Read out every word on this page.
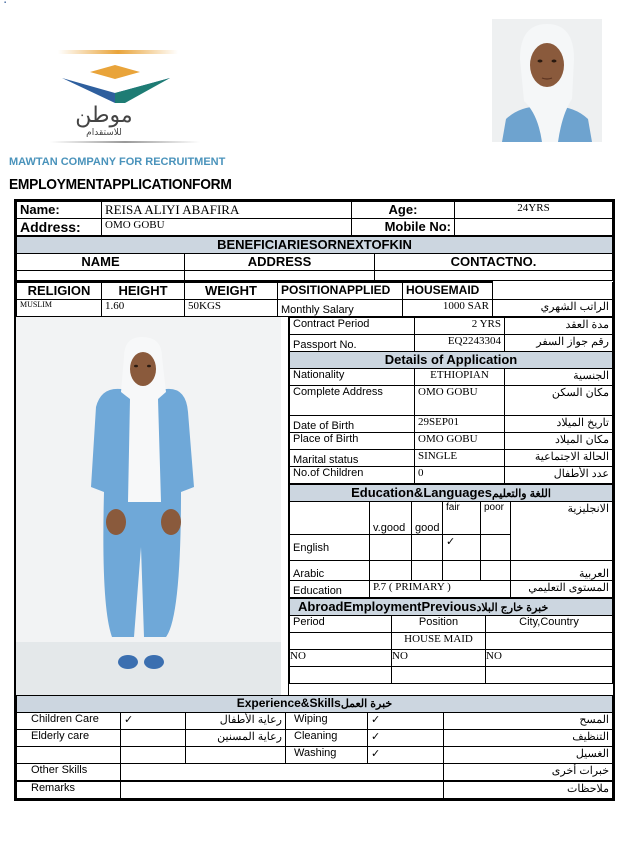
▪
موطن
للاستقدام
MAWTAN COMPANY FOR RECRUITMENT
EMPLOYMENTAPPLICATIONFORM
Name:	REISA ALIYI ABAFIRA	Age:	24YRS
Address:	OMO GOBU	Mobile No:	
BENEFICIARIESORNEXTOFKIN		
NAME	ADDRESS	CONTACTNO.

RELIGION	HEIGHT	WEIGHT	POSITIONAPPLIED	HOUSEMAID	
MUSLIM	1.60	50KGS	Monthly Salary	1000 SAR	الراتب الشهري
Contract Period	2 YRS	مدة العقد
Passport No.	EQ2243304	رقم جواز السفر
Details of Application		
Nationality	ETHIOPIAN	الجنسية
Complete Address	OMO GOBU	مكان السكن
Date of Birth	29SEP01	تاريخ الميلاد
Place of Birth	OMO GOBU	مكان الميلاد
Marital status	SINGLE	الحالة الاجتماعية
No.of Children	0	عدد الأطفال
Education&Languagesاللغة والتعليم					
	v.good	good	fair	poor	الانجليزية
English			✓		
Arabic					العربية
Education	P.7 ( PRIMARY )				المستوى التعليمي
AbroadEmploymentPreviousخبرة خارج البلاد		
Period	Position	City,Country
	HOUSE MAID	
NO	NO	NO

Experience&Skillsخبرة العمل					
Children Care	✓	رعاية الأطفال	Wiping	✓	المسح
Elderly care		رعاية المسنين	Cleaning	✓	التنظيف
			Washing	✓	الغسيل
Other Skills					خبرات أخرى
Remarks					ملاحظات
